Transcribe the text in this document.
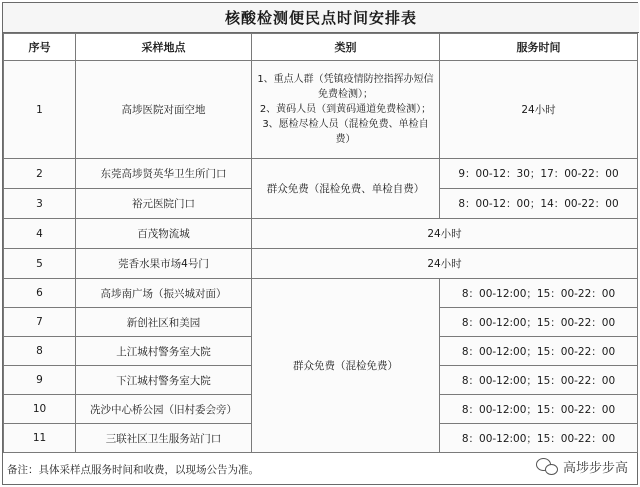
核酸检测便民点时间安排表
序号	采样地点	类别	服务时间
1	高埗医院对面空地	1、重点人群（凭镇疫情防控指挥办短信免费检测）；
2、黄码人员（到黄码通道免费检测）；
3、愿检尽检人员（混检免费、单检自费）	24小时
2	东莞高埗贤英华卫生所门口	群众免费（混检免费、单检自费）	9：00-12：30；17：00-22：00
3	裕元医院门口		8：00-12：00；14：00-22：00
4	百茂物流城	24小时	
5	莞香水果市场4号门	24小时	
6	高埗南广场（振兴城对面）	群众免费（混检免费）	8：00-12:00；15：00-22：00
7	新创社区和美园		8：00-12:00；15：00-22：00
8	上江城村警务室大院		8：00-12:00；15：00-22：00
9	下江城村警务室大院		8：00-12:00；15：00-22：00
10	冼沙中心桥公园（旧村委会旁）		8：00-12:00；15：00-22：00
11	三联社区卫生服务站门口		8：00-12:00；15：00-22：00
备注：具体采样点服务时间和收费，以现场公告为准。	高埗步步高
